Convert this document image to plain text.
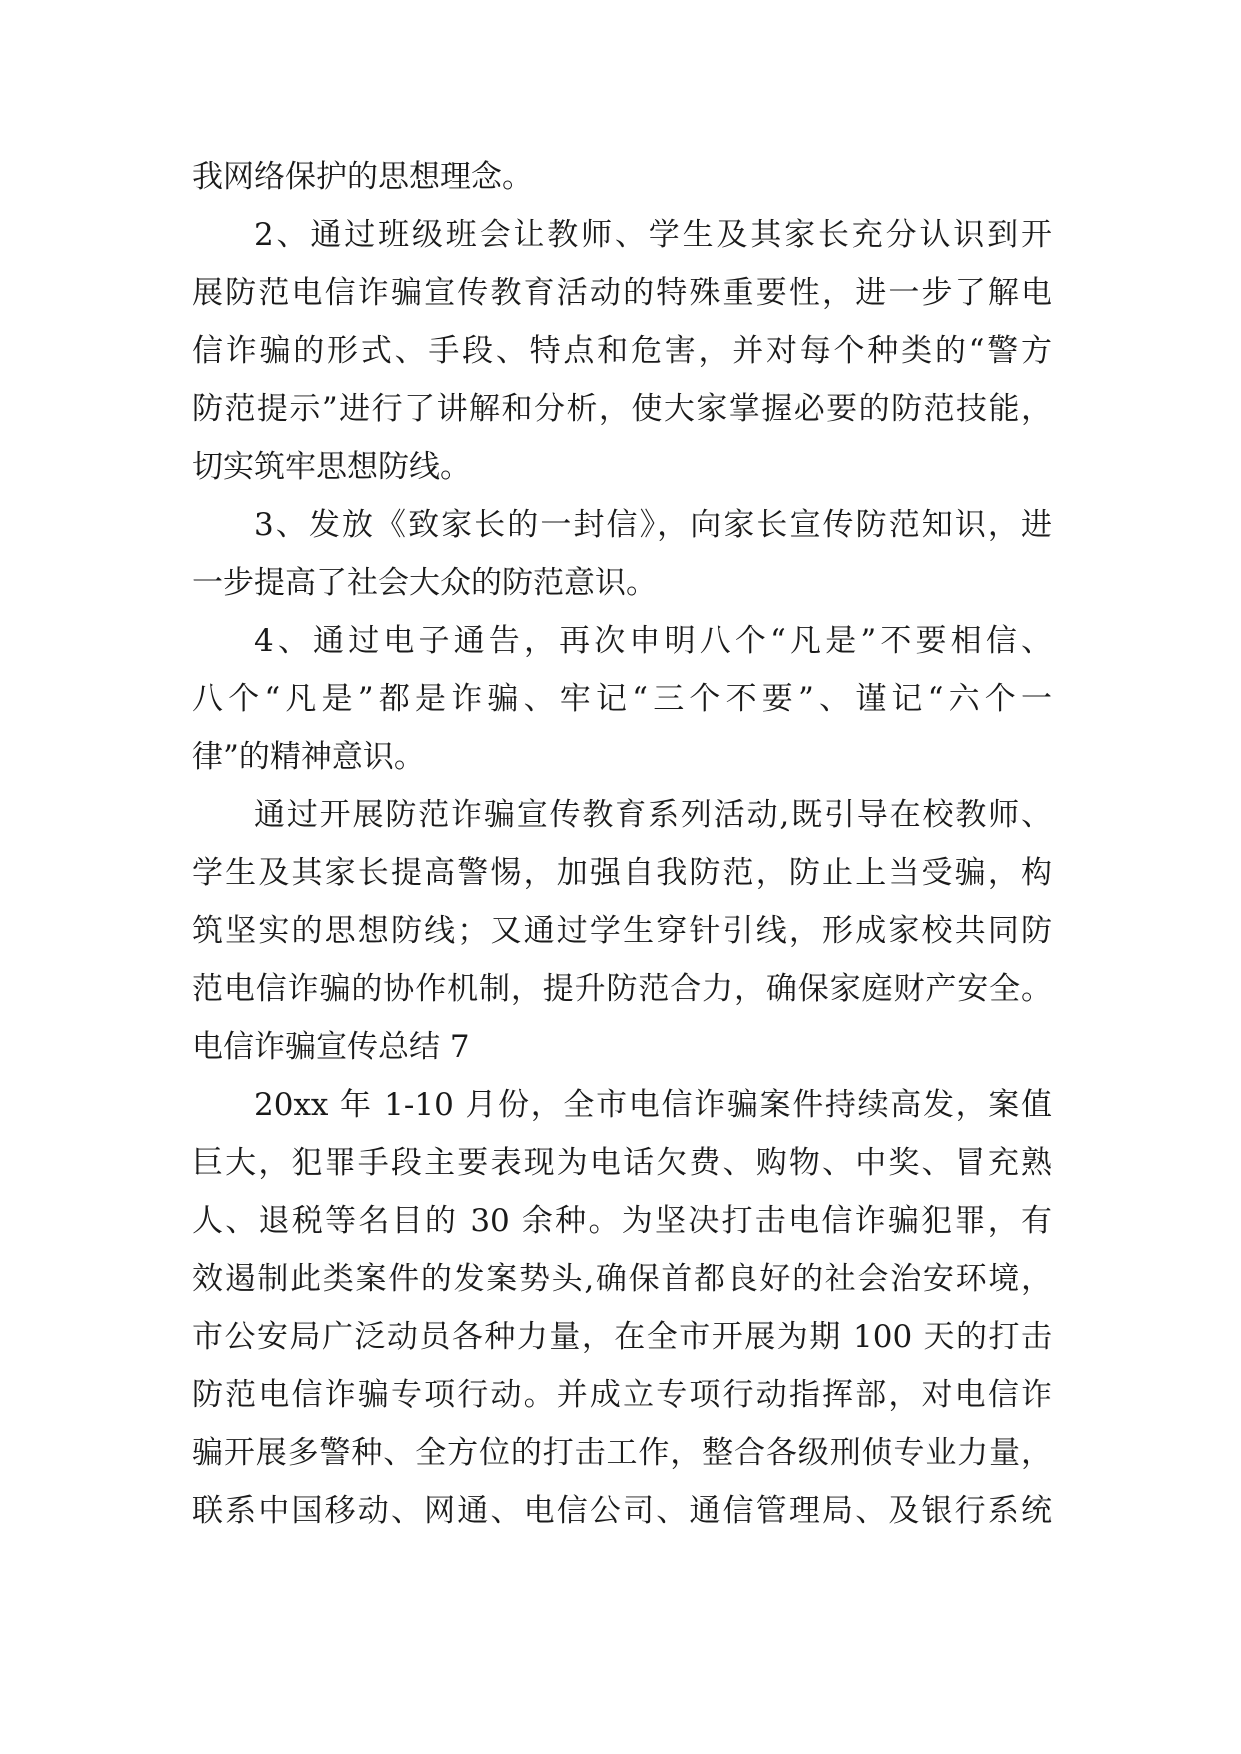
我网络保护的思想理念。
2、通过班级班会让教师、学生及其家长充分认识到开
展防范电信诈骗宣传教育活动的特殊重要性，进一步了解电
信诈骗的形式、手段、特点和危害，并对每个种类的“警方
防范提示”进行了讲解和分析，使大家掌握必要的防范技能，
切实筑牢思想防线。
3、发放《致家长的一封信》，向家长宣传防范知识，进
一步提高了社会大众的防范意识。
4、通过电子通告，再次申明八个“凡是”不要相信、
八个“凡是”都是诈骗、牢记“三个不要”、谨记“六个一
律”的精神意识。
通过开展防范诈骗宣传教育系列活动,既引导在校教师、
学生及其家长提高警惕，加强自我防范，防止上当受骗，构
筑坚实的思想防线；又通过学生穿针引线，形成家校共同防
范电信诈骗的协作机制，提升防范合力，确保家庭财产安全。
电信诈骗宣传总结 7
20xx 年 1-10 月份，全市电信诈骗案件持续高发，案值
巨大，犯罪手段主要表现为电话欠费、购物、中奖、冒充熟
人、退税等名目的 30 余种。为坚决打击电信诈骗犯罪，有
效遏制此类案件的发案势头,确保首都良好的社会治安环境，
市公安局广泛动员各种力量，在全市开展为期 100 天的打击
防范电信诈骗专项行动。并成立专项行动指挥部，对电信诈
骗开展多警种、全方位的打击工作，整合各级刑侦专业力量，
联系中国移动、网通、电信公司、通信管理局、及银行系统
